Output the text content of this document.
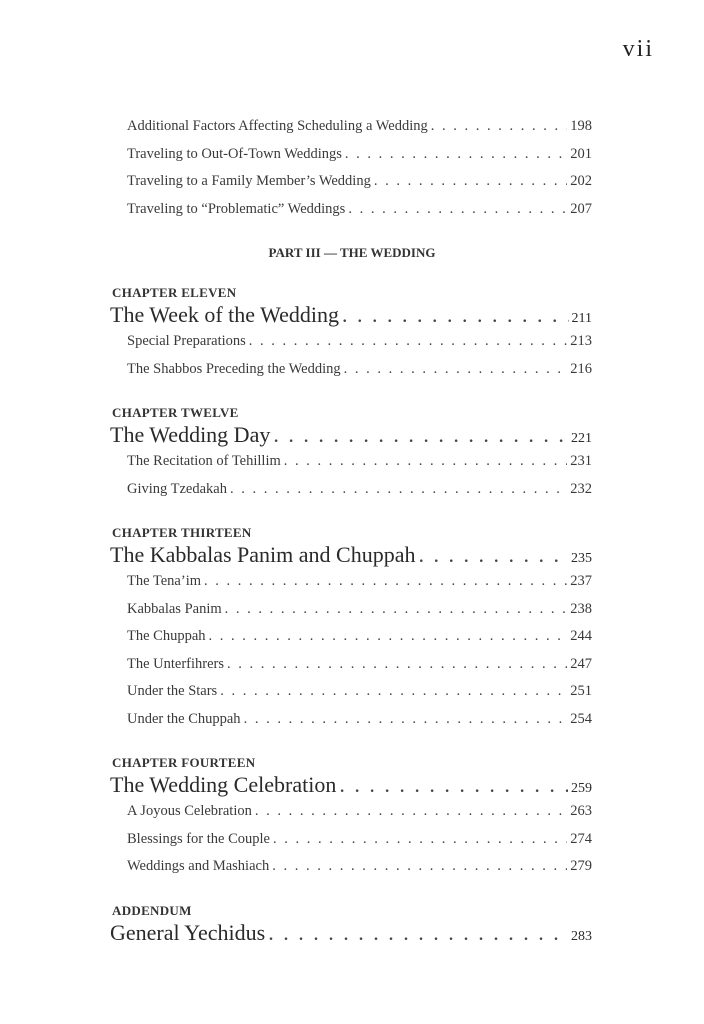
vii
Additional Factors Affecting Scheduling a Wedding . . .	198
Traveling to Out-Of-Town Weddings . . .	201
Traveling to a Family Member’s Wedding . . .	202
Traveling to “Problematic” Weddings . . .	207
PART III — THE WEDDING
CHAPTER ELEVEN
The Week of the Wedding . . .	211
Special Preparations . . .	213
The Shabbos Preceding the Wedding . . .	216
CHAPTER TWELVE
The Wedding Day . . .	221
The Recitation of Tehillim . . .	231
Giving Tzedakah . . .	232
CHAPTER THIRTEEN
The Kabbalas Panim and Chuppah . . .	235
The Tena’im . . .	237
Kabbalas Panim . . .	238
The Chuppah . . .	244
The Unterfihrers . . .	247
Under the Stars . . .	251
Under the Chuppah . . .	254
CHAPTER FOURTEEN
The Wedding Celebration . . .	259
A Joyous Celebration . . .	263
Blessings for the Couple . . .	274
Weddings and Mashiach . . .	279
ADDENDUM
General Yechidus . . .	283
